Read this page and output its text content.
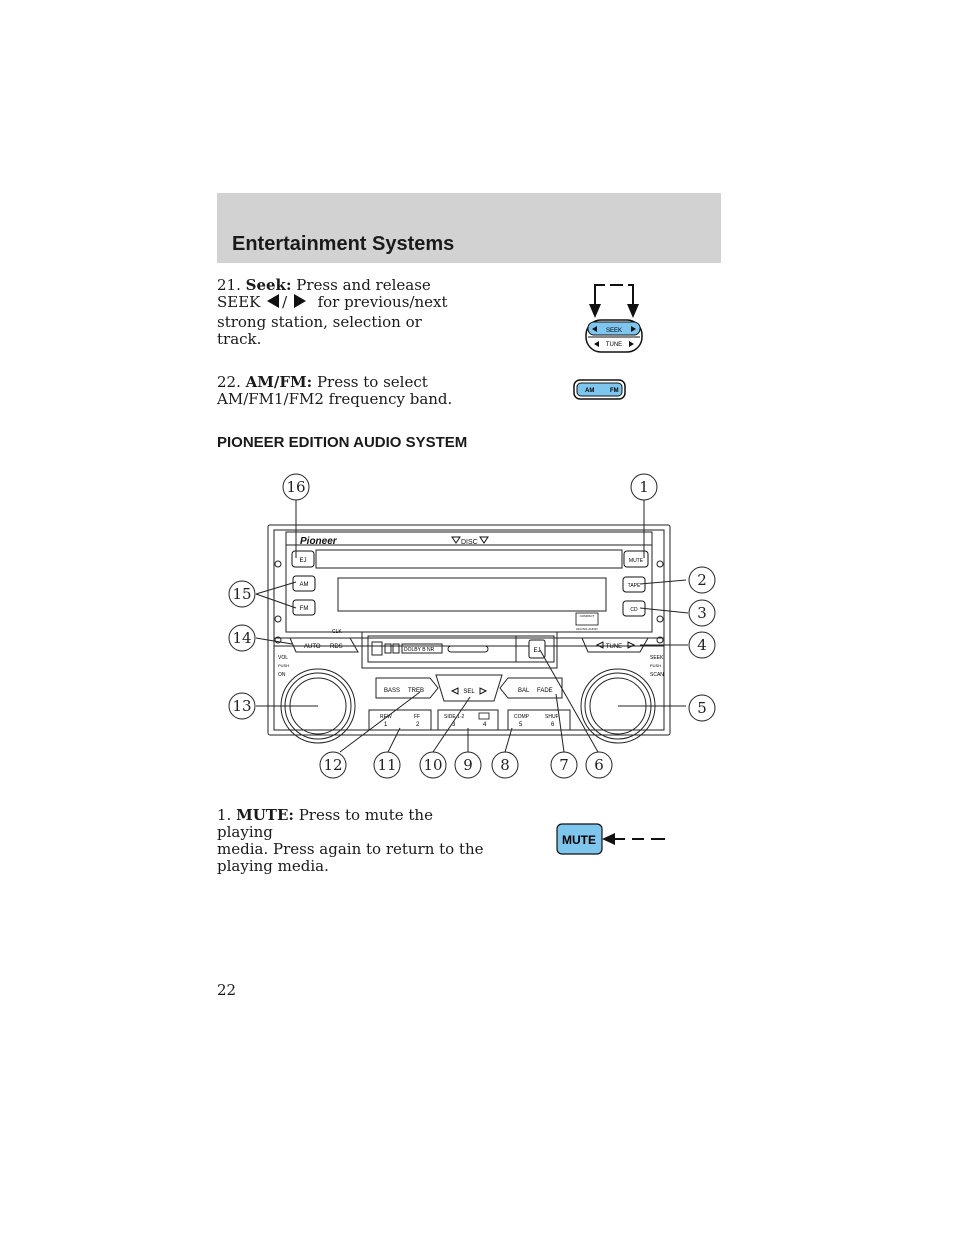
Entertainment Systems
21. Seek: Press and release
SEEK / for previous/next
strong station, selection or track.	SEEK
TUNE
22. AM/FM: Press to select
AM/FM1/FM2 frequency band.	AM	FM
PIONEER EDITION AUDIO SYSTEM
Pioneer	DISC
EJ	MUTE
AM
FM
TAPE
CD
COMPACT
DIGITAL AUDIO
CLK
AUTO RDS	DOLBY B NR	EJ
TUNE
VOL
PUSH
ON
SEEK
PUSH
SCAN
BASS TREB	SEL	BAL FADE
REW	FF
1	2
SIDE 1-2
3	4
COMP	SHUF
5	6
16	1
2
15
3
14	4
13	5
12 11 10 9 8	7 6
1. MUTE: Press to mute the playing
media. Press again to return to the
playing media.
MUTE
22
